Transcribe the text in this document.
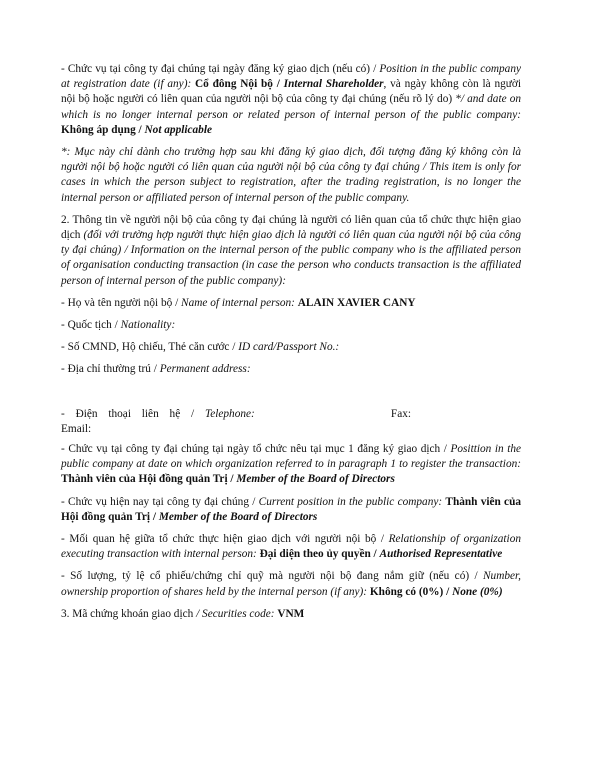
- Chức vụ tại công ty đại chúng tại ngày đăng ký giao dịch (nếu có) / Position in the public company at registration date (if any): Cổ đông Nội bộ / Internal Shareholder, và ngày không còn là người nội bộ hoặc người có liên quan của người nội bộ của công ty đại chúng (nếu rõ lý do) */ and date on which is no longer internal person or related person of internal person of the public company: Không áp dụng / Not applicable

*: Mục này chỉ dành cho trường hợp sau khi đăng ký giao dịch, đối tượng đăng ký không còn là người nội bộ hoặc người có liên quan của người nội bộ của công ty đại chúng / This item is only for cases in which the person subject to registration, after the trading registration, is no longer the internal person or affiliated person of internal person of the public company.

2. Thông tin về người nội bộ của công ty đại chúng là người có liên quan của tổ chức thực hiện giao dịch (đối với trường hợp người thực hiện giao dịch là người có liên quan của người nội bộ của công ty đại chúng) / Information on the internal person of the public company who is the affiliated person of organisation conducting transaction (in case the person who conducts transaction is the affiliated person of internal person of the public company):

- Họ và tên người nội bộ / Name of internal person: ALAIN XAVIER CANY

- Quốc tịch / Nationality:

- Số CMND, Hộ chiếu, Thẻ căn cước / ID card/Passport No.:

- Địa chỉ thường trú / Permanent address:

- Điện thoại liên hệ / Telephone:	Fax:

Email:

- Chức vụ tại công ty đại chúng tại ngày tổ chức nêu tại mục 1 đăng ký giao dịch / Posittion in the public company at date on which organization referred to in paragraph 1 to register the transaction: Thành viên của Hội đồng quản Trị / Member of the Board of Directors

- Chức vụ hiện nay tại công ty đại chúng / Current position in the public company: Thành viên của Hội đồng quản Trị / Member of the Board of Directors

- Mối quan hệ giữa tổ chức thực hiện giao dịch với người nội bộ / Relationship of organization executing transaction with internal person: Đại diện theo ủy quyền / Authorised Representative

- Số lượng, tỷ lệ cổ phiếu/chứng chỉ quỹ mà người nội bộ đang nắm giữ (nếu có) / Number, ownership proportion of shares held by the internal person (if any): Không có (0%) / None (0%)

3. Mã chứng khoán giao dịch / Securities code: VNM
